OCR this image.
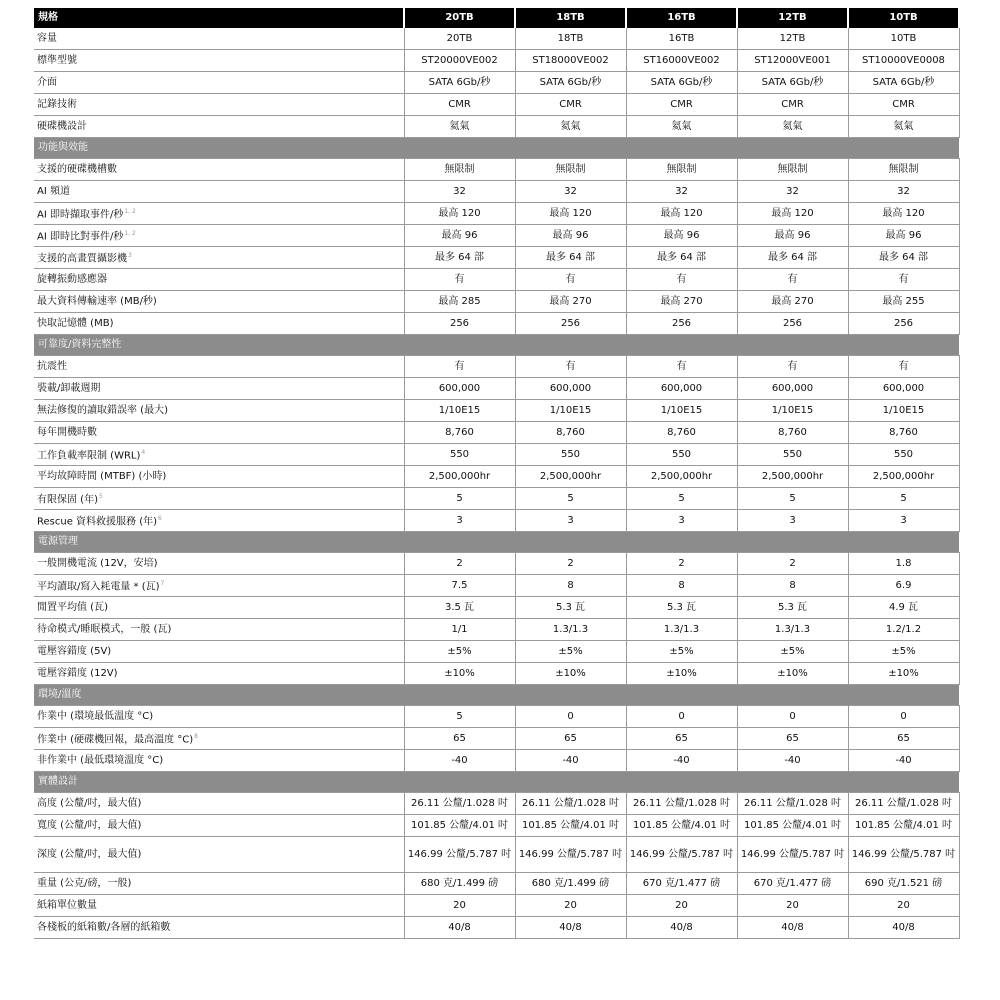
規格	20TB	18TB	16TB	12TB	10TB
容量	20TB	18TB	16TB	12TB	10TB
標準型號	ST20000VE002	ST18000VE002	ST16000VE002	ST12000VE001	ST10000VE0008
介面	SATA 6Gb/秒	SATA 6Gb/秒	SATA 6Gb/秒	SATA 6Gb/秒	SATA 6Gb/秒
記錄技術	CMR	CMR	CMR	CMR	CMR
硬碟機設計	氦氣	氦氣	氦氣	氦氣	氦氣
功能與效能					
支援的硬碟機槽數	無限制	無限制	無限制	無限制	無限制
AI 頻道	32	32	32	32	32
AI 即時擷取事件/秒$^{1, 2}$	最高 120	最高 120	最高 120	最高 120	最高 120
AI 即時比對事件/秒$^{1, 2}$	最高 96	最高 96	最高 96	最高 96	最高 96
支援的高畫質攝影機$^3$	最多 64 部	最多 64 部	最多 64 部	最多 64 部	最多 64 部
旋轉振動感應器	有	有	有	有	有
最大資料傳輸速率 (MB/秒)	最高 285	最高 270	最高 270	最高 270	最高 255
快取記憶體 (MB)	256	256	256	256	256
可靠度/資料完整性					
抗震性	有	有	有	有	有
裝載/卸載週期	600,000	600,000	600,000	600,000	600,000
無法修復的讀取錯誤率 (最大)	1/10E15	1/10E15	1/10E15	1/10E15	1/10E15
每年開機時數	8,760	8,760	8,760	8,760	8,760
工作負載率限制 (WRL)$^4$	550	550	550	550	550
平均故障時間 (MTBF) (小時)	2,500,000hr	2,500,000hr	2,500,000hr	2,500,000hr	2,500,000hr
有限保固 (年)$^5$	5	5	5	5	5
Rescue 資料救援服務 (年)$^6$	3	3	3	3	3
電源管理					
一般開機電流 (12V，安培)	2	2	2	2	1.8
平均讀取/寫入耗電量 * (瓦)$^7$	7.5	8	8	8	6.9
閒置平均值 (瓦)	3.5 瓦	5.3 瓦	5.3 瓦	5.3 瓦	4.9 瓦
待命模式/睡眠模式，一般 (瓦)	1/1	1.3/1.3	1.3/1.3	1.3/1.3	1.2/1.2
電壓容錯度 (5V)	±5%	±5%	±5%	±5%	±5%
電壓容錯度 (12V)	±10%	±10%	±10%	±10%	±10%
環境/溫度					
作業中 (環境最低溫度 °C)	5	0	0	0	0
作業中 (硬碟機回報，最高溫度 °C)$^8$	65	65	65	65	65
非作業中 (最低環境溫度 °C)	-40	-40	-40	-40	-40
實體設計					
高度 (公釐/吋，最大值)	26.11 公釐/1.028 吋	26.11 公釐/1.028 吋	26.11 公釐/1.028 吋	26.11 公釐/1.028 吋	26.11 公釐/1.028 吋
寬度 (公釐/吋，最大值)	101.85 公釐/4.01 吋	101.85 公釐/4.01 吋	101.85 公釐/4.01 吋	101.85 公釐/4.01 吋	101.85 公釐/4.01 吋
深度 (公釐/吋，最大值)	146.99 公釐/5.787 吋	146.99 公釐/5.787 吋	146.99 公釐/5.787 吋	146.99 公釐/5.787 吋	146.99 公釐/5.787 吋
重量 (公克/磅，一般)	680 克/1.499 磅	680 克/1.499 磅	670 克/1.477 磅	670 克/1.477 磅	690 克/1.521 磅
紙箱單位數量	20	20	20	20	20
各棧板的紙箱數/各層的紙箱數	40/8	40/8	40/8	40/8	40/8
